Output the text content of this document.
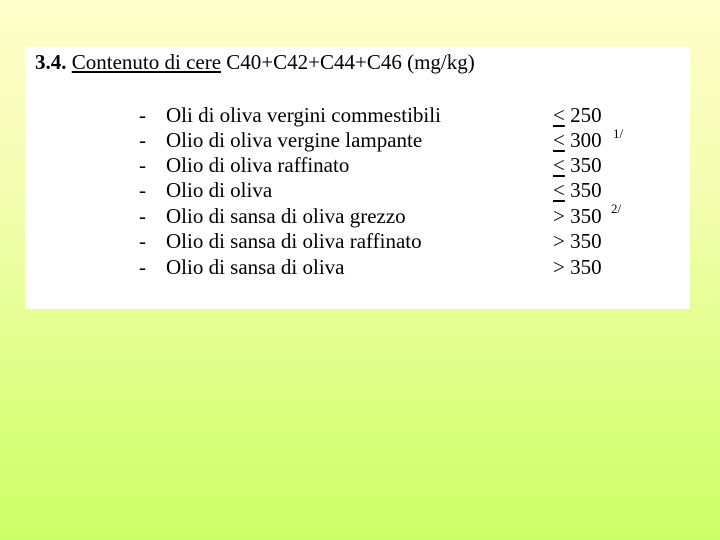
3.4. Contenuto di cere C40+C42+C44+C46 (mg/kg)
- Oli di oliva vergini commestibili	< 250
- Olio di oliva vergine lampante	< 300 1/
- Olio di oliva raffinato	< 350
- Olio di oliva	< 350
- Olio di sansa di oliva grezzo	> 350 2/
- Olio di sansa di oliva raffinato	> 350
- Olio di sansa di oliva	> 350
